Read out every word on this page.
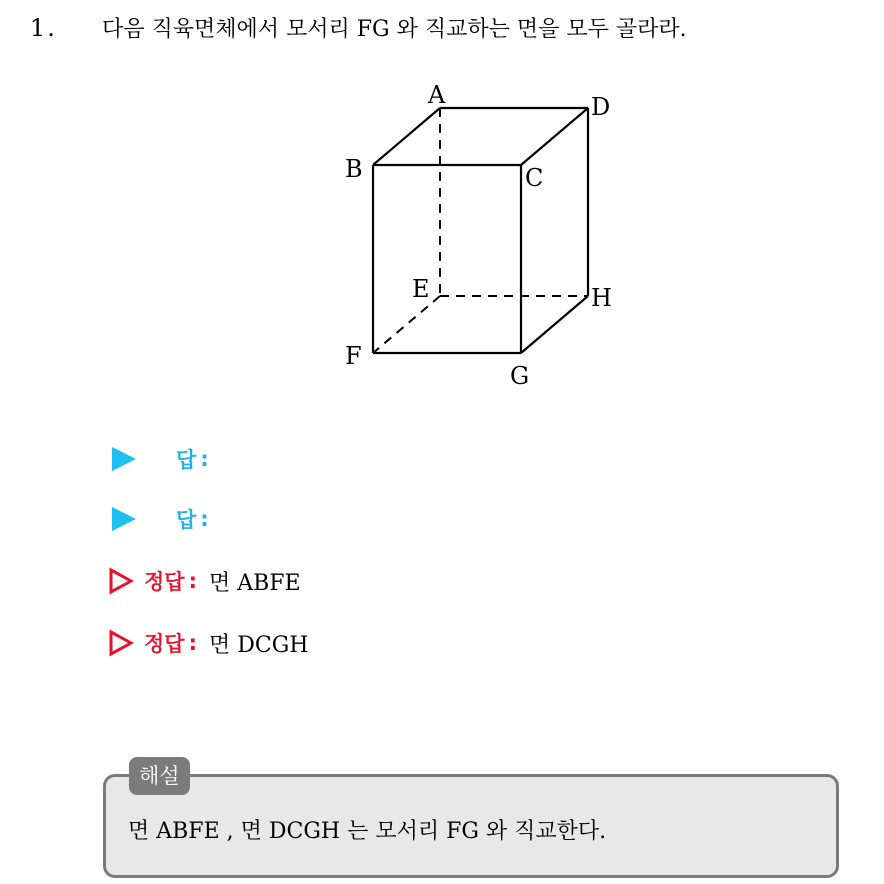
1.	다음 직육면체에서 모서리 FG 와 직교하는 면을 모두 골라라.
A	D
B	C
E	H
F
G
답 :
답 :
정답 : 면 ABFE
정답 : 면 DCGH
해설
면 ABFE , 면 DCGH 는 모서리 FG 와 직교한다.
